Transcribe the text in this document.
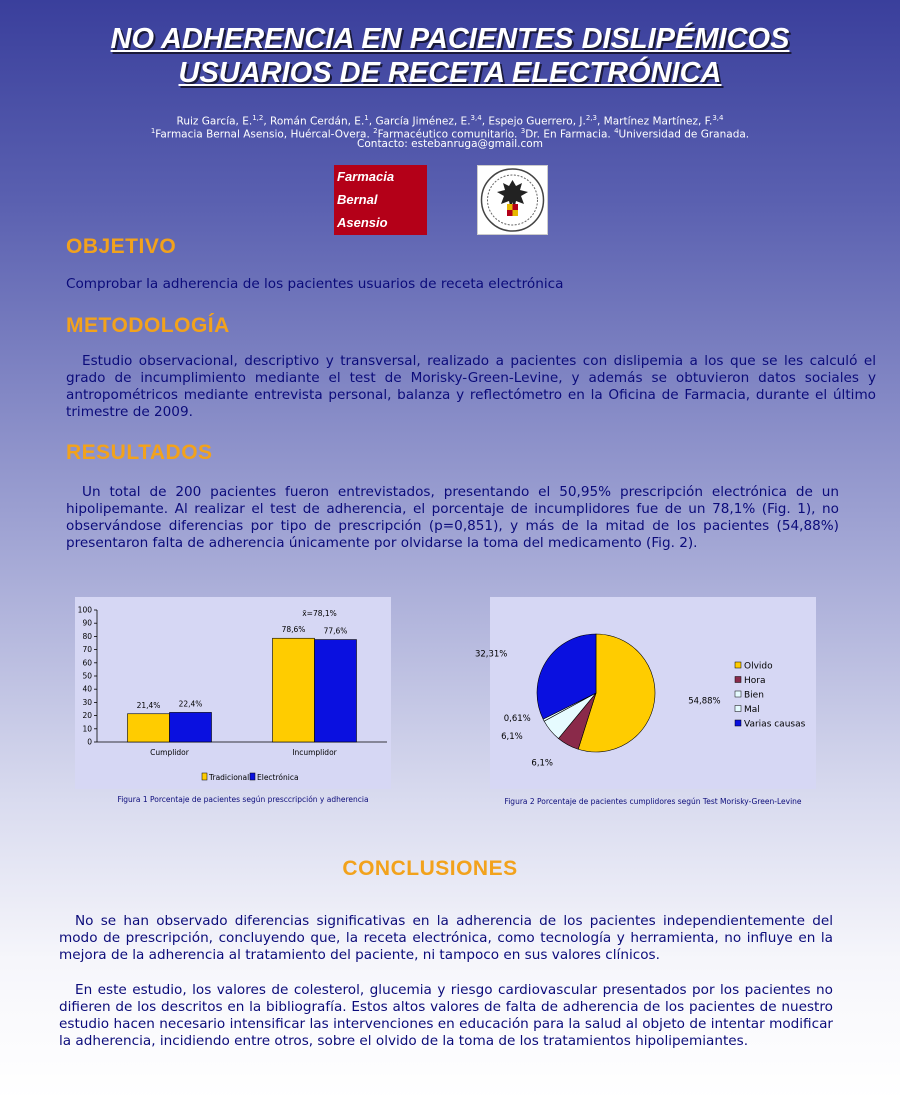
NO ADHERENCIA EN PACIENTES DISLIPÉMICOS
USUARIOS DE RECETA ELECTRÓNICA
Ruiz García, E.$^{1,2}$, Román Cerdán, E.$^1$, García Jiménez, E.$^{3,4}$, Espejo Guerrero, J.$^{2,3}$, Martínez Martínez, F.$^{3,4}$
$^1$Farmacia Bernal Asensio, Huércal-Overa. $^2$Farmacéutico comunitario. $^3$Dr. En Farmacia. $^4$Universidad de Granada.
Contacto: estebanruga@gmail.com
Farmacia
Bernal
Asensio
OBJETIVO
Comprobar la adherencia de los pacientes usuarios de receta electrónica
METODOLOGÍA
Estudio observacional, descriptivo y transversal, realizado a pacientes con dislipemia a los que se les calculó el grado de incumplimiento mediante el test de Morisky-Green-Levine, y además se obtuvieron datos sociales y antropométricos mediante entrevista personal, balanza y reflectómetro en la Oficina de Farmacia, durante el último trimestre de 2009.
RESULTADOS
Un total de 200 pacientes fueron entrevistados, presentando el 50,95% prescripción electrónica de un hipolipemante. Al realizar el test de adherencia, el porcentaje de incumplidores fue de un 78,1% (Fig. 1), no observándose diferencias por tipo de prescripción (p=0,851), y más de la mitad de los pacientes (54,88%) presentaron falta de adherencia únicamente por olvidarse la toma del medicamento (Fig. 2).
0
10
20
30
40
50
60
70
80
90
100
Cumplidor
21,4% 22,4%
Incumplidor
78,6% 77,6%
x̄=78,1%
Tradicional Electrónica
Figura 1 Porcentaje de pacientes según presccripción y adherencia
54,88%
6,1%
6,1%
0,61%
32,31%
Olvido
Hora
Bien
Mal
Varias causas
Figura 2 Porcentaje de pacientes cumplidores según Test Morisky-Green-Levine
CONCLUSIONES
No se han observado diferencias significativas en la adherencia de los pacientes independientemente del modo de prescripción, concluyendo que, la receta electrónica, como tecnología y herramienta, no influye en la mejora de la adherencia al tratamiento del paciente, ni tampoco en sus valores clínicos.
En este estudio, los valores de colesterol, glucemia y riesgo cardiovascular presentados por los pacientes no difieren de los descritos en la bibliografía. Estos altos valores de falta de adherencia de los pacientes de nuestro estudio hacen necesario intensificar las intervenciones en educación para la salud al objeto de intentar modificar la adherencia, incidiendo entre otros, sobre el olvido de la toma de los tratamientos hipolipemiantes.
